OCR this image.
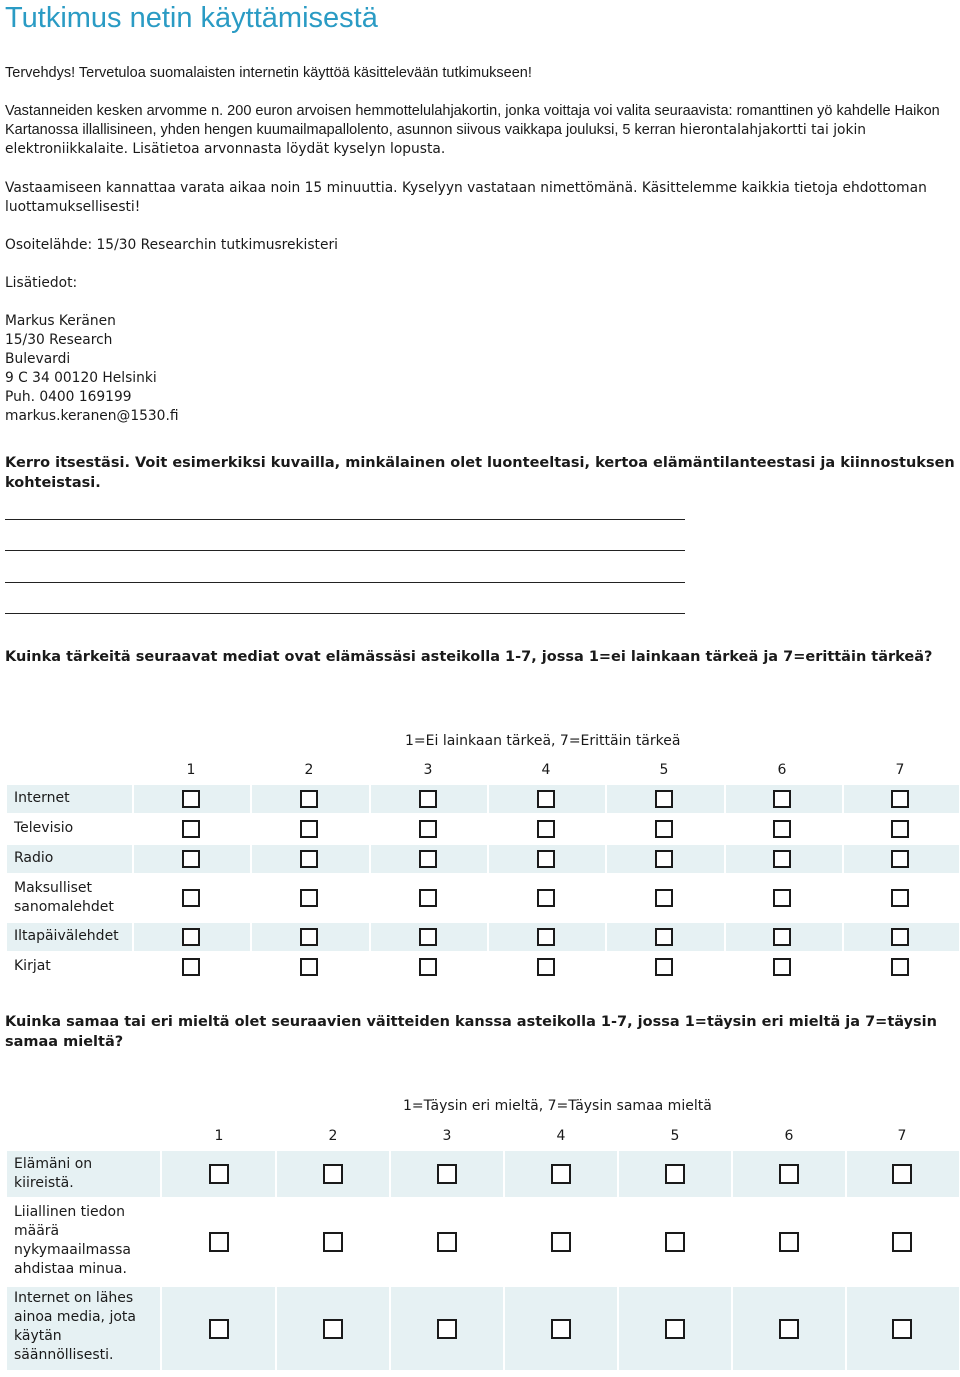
Tutkimus netin käyttämisestä
Tervehdys! Tervetuloa suomalaisten internetin käyttöä käsittelevään tutkimukseen!
Vastanneiden kesken arvomme n. 200 euron arvoisen hemmottelulahjakortin, jonka voittaja voi valita seuraavista: romanttinen yö kahdelle Haikon Kartanossa illallisineen, yhden hengen kuumailmapallolento, asunnon siivous vaikkapa jouluksi, 5 kerran hierontalahjakortti tai jokin elektroniikkalaite. Lisätietoa arvonnasta löydät kyselyn lopusta.
Vastaamiseen kannattaa varata aikaa noin 15 minuuttia. Kyselyyn vastataan nimettömänä. Käsittelemme kaikkia tietoja ehdottoman luottamuksellisesti!
Osoitelähde: 15/30 Researchin tutkimusrekisteri
Lisätiedot:
Markus Keränen
15/30 Research
Bulevardi
9 C 34 00120 Helsinki
Puh. 0400 169199
markus.keranen@1530.fi
Kerro itsestäsi. Voit esimerkiksi kuvailla, minkälainen olet luonteeltasi, kertoa elämäntilanteestasi ja kiinnostuksen kohteistasi.
Kuinka tärkeitä seuraavat mediat ovat elämässäsi asteikolla 1-7, jossa 1=ei lainkaan tärkeä ja 7=erittäin tärkeä?
1=Ei lainkaan tärkeä, 7=Erittäin tärkeä
1	2	3	4	5	6	7
Internet
Televisio
Radio
Maksulliset sanomalehdet
Iltapäivälehdet
Kirjat
Kuinka samaa tai eri mieltä olet seuraavien väitteiden kanssa asteikolla 1-7, jossa 1=täysin eri mieltä ja 7=täysin samaa mieltä?
1=Täysin eri mieltä, 7=Täysin samaa mieltä
1	2	3	4	5	6	7
Elämäni on kiireistä.
Liiallinen tiedon määrä nykymaailmassa ahdistaa minua.
Internet on lähes ainoa media, jota käytän säännöllisesti.
